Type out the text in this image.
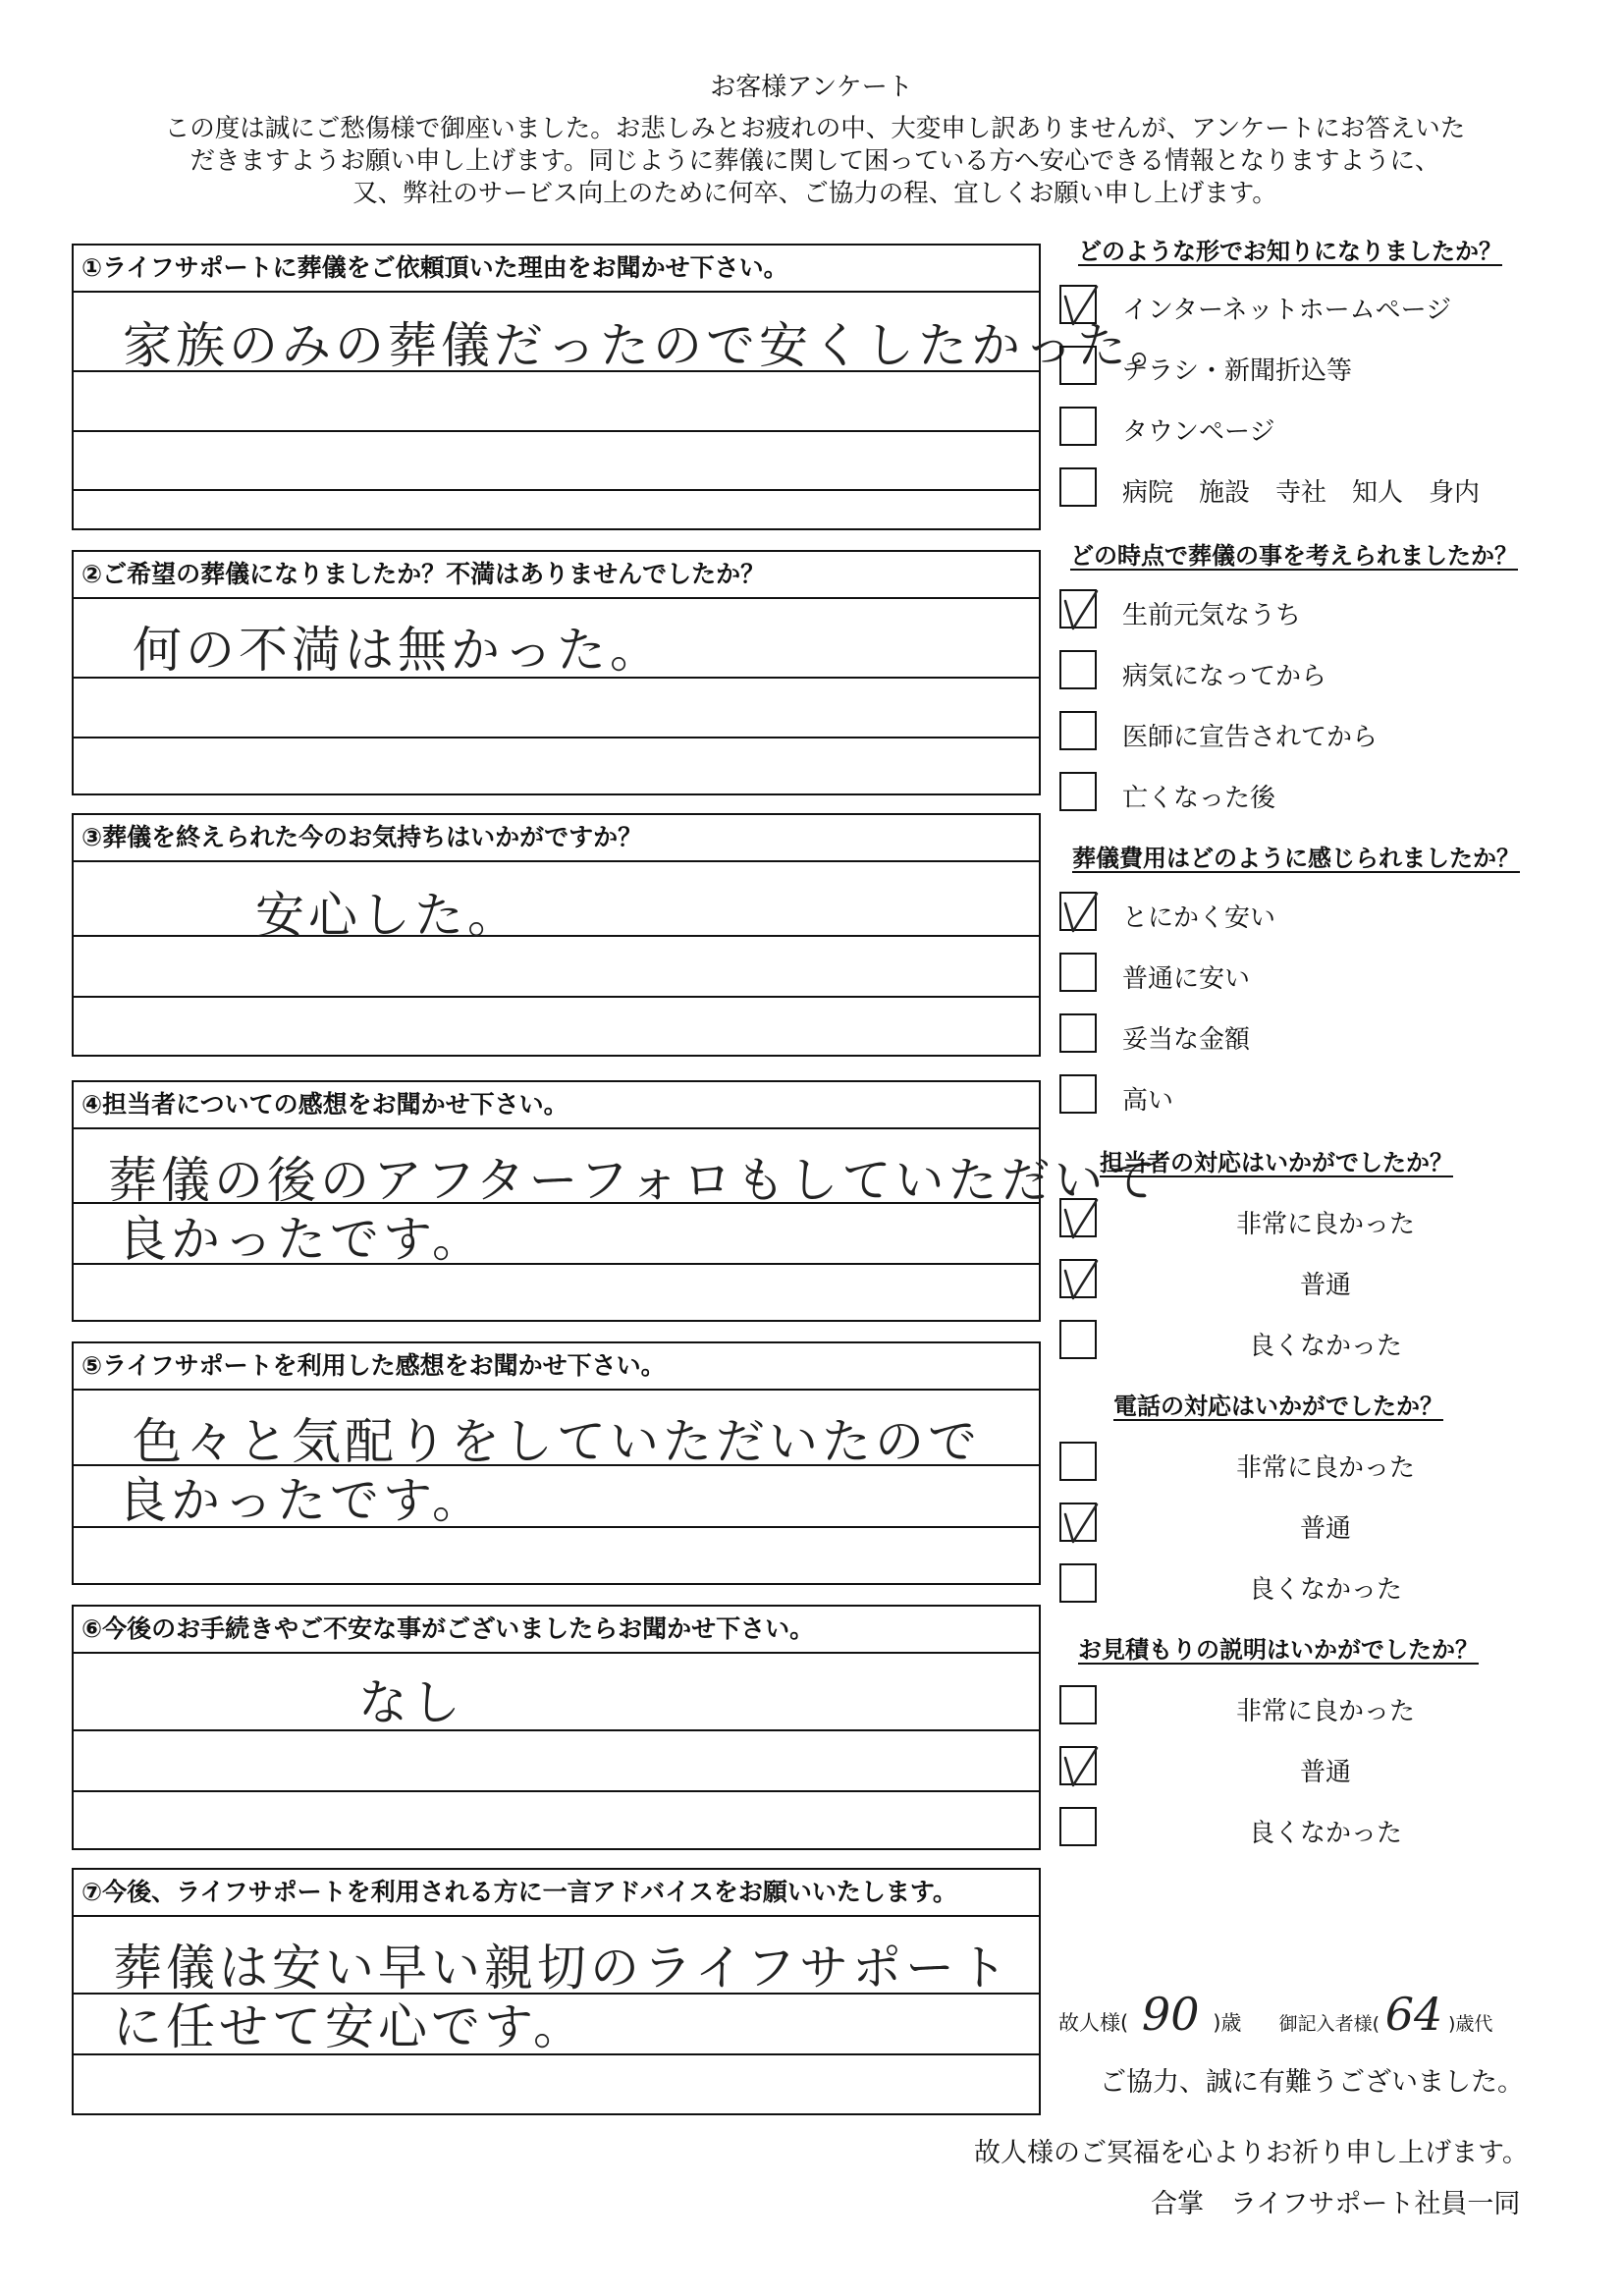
お客様アンケート
この度は誠にご愁傷様で御座いました。お悲しみとお疲れの中、大変申し訳ありませんが、アンケートにお答えいた
だきますようお願い申し上げます。同じように葬儀に関して困っている方へ安心できる情報となりますように、
又、弊社のサービス向上のために何卒、ご協力の程、宜しくお願い申し上げます。
①ライフサポートに葬儀をご依頼頂いた理由をお聞かせ下さい。
家族のみの葬儀だったので安くしたかった。
②ご希望の葬儀になりましたか？不満はありませんでしたか？
何の不満は無かった。
③葬儀を終えられた今のお気持ちはいかがですか？
安心した。
④担当者についての感想をお聞かせ下さい。
葬儀の後のアフターフォロもしていただいて
良かったです。
⑤ライフサポートを利用した感想をお聞かせ下さい。
色々と気配りをしていただいたので
良かったです。
⑥今後のお手続きやご不安な事がございましたらお聞かせ下さい。
なし
⑦今後、ライフサポートを利用される方に一言アドバイスをお願いいたします。
葬儀は安い早い親切のライフサポート
に任せて安心です。
どのような形でお知りになりましたか？
インターネットホームページ
チラシ・新聞折込等
タウンページ
病院　施設　寺社　知人　身内
どの時点で葬儀の事を考えられましたか？
生前元気なうち
病気になってから
医師に宣告されてから
亡くなった後
葬儀費用はどのように感じられましたか？
とにかく安い
普通に安い
妥当な金額
高い
担当者の対応はいかがでしたか？
非常に良かった
普通
良くなかった
電話の対応はいかがでしたか？
非常に良かった
普通
良くなかった
お見積もりの説明はいかがでしたか？
非常に良かった
普通
良くなかった
故人様( 90 )歳 御記入者様( 64 )歳代
ご協力、誠に有難うございました。
故人様のご冥福を心よりお祈り申し上げます。
合掌　ライフサポート社員一同
